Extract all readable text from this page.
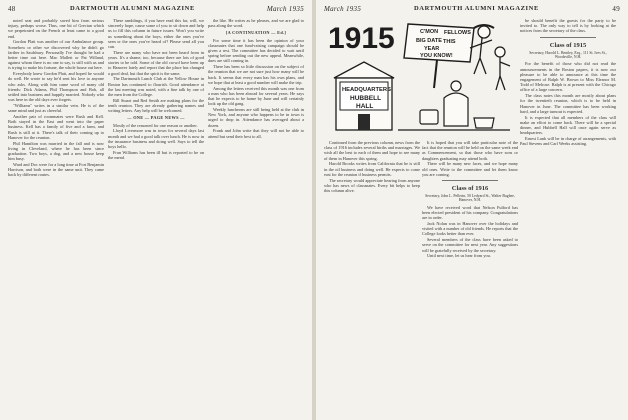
48	DARTMOUTH ALUMNI MAGAZINE	March 1935

noted seat and probably saved him from serious injury, perhaps worse. Thus, one bit of Grecian which we perpetrated on the French at least came to a good end.

Gordon Platt was another of our Ambulance group. Somehow or other we discovered why he didn't go farther in Saulsbury. Personally I've thought he had a better time out here. Mac Mallett or Pat Willand, against whom there is no one to say, is still with us and is trying to make his fortune, the whole house out here.

Everybody knew Gordon Platt, and hoped he would do well. He wrote to say he'd sent his love to anyone who asks. Along with him came word of many old friends: Dick Adams, Phil Thompson and Bob, all settled into business and happily married. Nobody who was here in the old days ever forgets.

"Williams" writes in a similar vein. He is of the same mind and just as cheerful.

Another pair of roommates were Rush and Kell. Both stayed in the East and went into the paper business. Kell has a family of five and a farm, and Rush is still at it. There's talk of their coming up to Hanover for the reunion.

Phil Hamilton was married in the fall and is now living in Cleveland, where he has been since graduation. Two boys, a dog, and a new house keep him busy.

Ward and Doc were for a long time at Fort Benjamin Harrison, and both were in the same unit. They came back by different routes.

These ramblings, if you have read this far, will, we sincerely hope, cause some of you to sit down and help us to fill this column in future issues. Won't you write us something about the boys, either the ones you've seen or the ones you've heard of? Please send all you can.

There are many who have not been heard from in years. It's a shame, too, because there are lots of good stories to be told. Some of the old crowd have been up to Hanover lately and report that the place has changed a good deal, but that the spirit is the same.

The Dartmouth Lunch Club at the Yellow House in Boston has continued to flourish. Good attendance at the last meeting was noted, with a fine talk by one of the men from the College.

Bill Stuart and Red Smith are making plans for the tenth reunion. They are already gathering names and writing letters. Any help will be welcomed.

— ONE — PAGE NEWS —

Mostly of the reasoned for one reason or another.

Lloyd Livermore was in town for several days last month and we had a good talk over lunch. He is now in the insurance business and doing well. Says to tell the boys hello.

Fran Williams has been ill but is reported to be on the mend.

the like. He writes as he pleases, and we are glad to pass along the word.

[A CONTINUATION — Ed.]

For some time it has been the opinion of your classmates that one fund-raising campaign should be given a rest. The committee has decided to wait until spring before sending out the new appeal. Meanwhile, dues are still coming in.

There has been so little discussion on the subject of the reunion that we are not sure just how many will be back. It seems that every man has his own plans, and we hope that at least a good number will make the trip.

Among the letters received this month was one from a man who has been abroad for several years. He says that he expects to be home by June and will certainly look up the old gang.

Weekly luncheons are still being held at the club in New York, and anyone who happens to be in town is urged to drop in. Attendance has averaged about a dozen.

Frank and John write that they will not be able to attend but send their best to all.

March 1935	DARTMOUTH ALUMNI MAGAZINE	49
1915	C'MON FELLOWS
BIG DATE THIS
YEAR
YOU KNOW!
HEADQUARTERS
HUBBELL
HALL

be should benefit the guests for the party to be invited to. The only way to tell is by looking at the notices from the secretary of the class.

Class of 1915

Secretary, Harold L. Bentley, Esq., 111 St. Ives St., Woodsville, N.H.

For the benefit of those who did not read the announcements in the Boston papers, it is now our pleasure to be able to announce at this time the engagement of Ralph W. Brown to Miss Eleanor M. Todd of Melrose. Ralph is at present with the Chicago office of a large concern.

The class notes this month are mostly about plans for the twentieth reunion, which is to be held in Hanover in June. The committee has been working hard, and a large turnout is expected.

It is expected that all members of the class will make an effort to come back. There will be a special dinner, and Hubbell Hall will once again serve as headquarters.

Ernest Lank will be in charge of arrangements, with Paul Stevens and Carl Weeks assisting.

Continued from the previous column, news from the class of 1916 includes several births and marriages. We wish all the best to each of them and hope to see many of them in Hanover this spring.

Harold Brooks writes from California that he is still in the oil business and doing well. He expects to come east for the reunion if business permits.

The secretary would appreciate hearing from anyone who has news of classmates. Every bit helps to keep this column alive.

It is hoped that you will take particular note of the fact that the reunion will be held on the same week end as Commencement, so that those who have sons or daughters graduating may attend both.

There will be many new faces, and we hope many old ones. Write to the committee and let them know you are coming.

Class of 1916

Secretary, John L. Pellerin, 50 Ledyard St., Walter Bugbee, Hanover, N.H.

We have received word that Nelson Fulford has been elected president of his company. Congratulations are in order.

Jack Nolan was in Hanover over the holidays and visited with a number of old friends. He reports that the College looks better than ever.

Several members of the class have been asked to serve on the committee for next year. Any suggestions will be gratefully received by the secretary.

Until next time, let us hear from you.
